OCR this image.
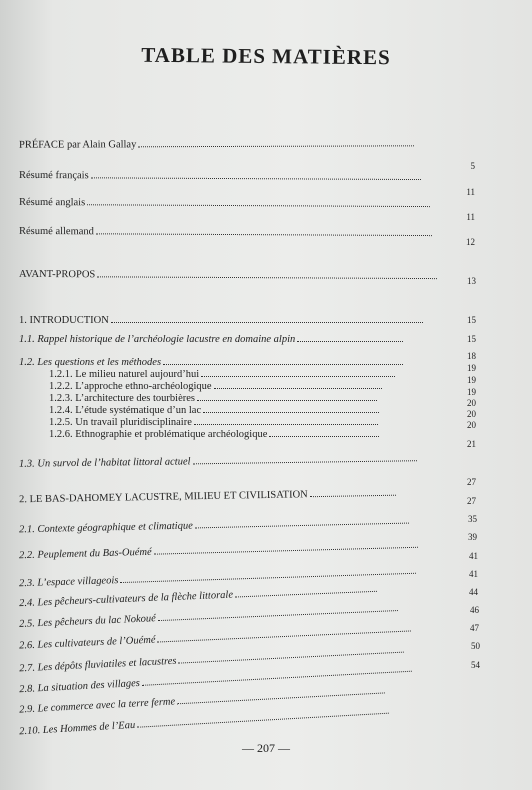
TABLE DES MATIÈRES
PRÉFACE par Alain Gallay
Résumé français
Résumé anglais
Résumé allemand
AVANT-PROPOS
1. INTRODUCTION
1.1. Rappel historique de l’archéologie lacustre en domaine alpin
1.2. Les questions et les méthodes
1.2.1. Le milieu naturel aujourd’hui
1.2.2. L’approche ethno-archéologique
1.2.3. L’architecture des tourbières
1.2.4. L’étude systématique d’un lac
1.2.5. Un travail pluridisciplinaire
1.2.6. Ethnographie et problématique archéologique
1.3. Un survol de l’habitat littoral actuel
2. LE BAS-DAHOMEY LACUSTRE, MILIEU ET CIVILISATION
2.1. Contexte géographique et climatique
2.2. Peuplement du Bas-Ouémé
2.3. L’espace villageois
2.4. Les pêcheurs-cultivateurs de la flèche littorale
2.5. Les pêcheurs du lac Nokoué
2.6. Les cultivateurs de l’Ouémé
2.7. Les dépôts fluviatiles et lacustres
2.8. La situation des villages
2.9. Le commerce avec la terre ferme
2.10. Les Hommes de l’Eau
5
11
11
12
13
15
15
18
19
19
19
20
20
20
21
27
27
35
39
41
41
44
46
47
50
54
— 207 —
